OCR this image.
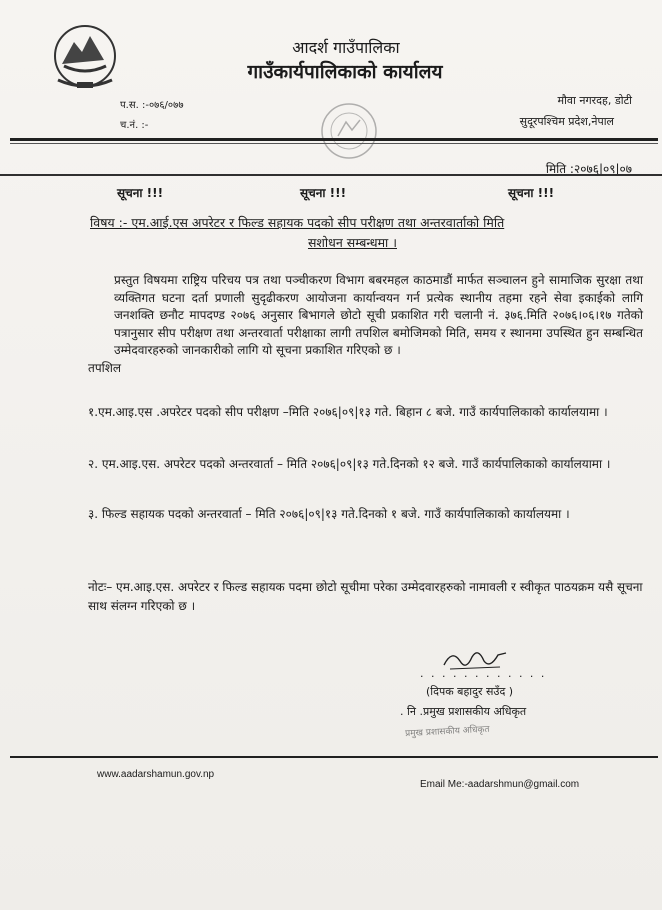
आदर्श गाउँपालिका
गाउँकार्यपालिकाको कार्यालय
प.स. :-०७६/०७७
च.नं. :-
मौवा नगरदह, डोटी
सुदूरपश्चिम प्रदेश,नेपाल
मिति :२०७६|०९|०७
सूचना !!!	सूचना !!!	सूचना !!!
विषय :- एम.आई.एस अपरेटर र फिल्ड सहायक पदको सीप परीक्षण तथा अन्तरवार्ताको मिति
सशोधन सम्बन्धमा ।
प्रस्तुत विषयमा राष्ट्रिय परिचय पत्र तथा पञ्चीकरण विभाग बबरमहल काठमाडौं मार्फत सञ्चालन हुने सामाजिक सुरक्षा तथा व्यक्तिगत घटना दर्ता प्रणाली सुदृढीकरण आयोजना कार्यान्वयन गर्न प्रत्येक स्थानीय तहमा रहने सेवा इकाईको लागि जनशक्ति छनौट मापदण्ड २०७६ अनुसार बिभागले छोटो सूची प्रकाशित गरी चलानी नं. ३७६.मिति २०७६।०६।१७ गतेको पत्रानुसार सीप परीक्षण तथा अन्तरवार्ता परीक्षाका लागी तपशिल बमोजिमको मिति, समय र स्थानमा उपस्थित हुन सम्बन्धित उम्मेदवारहरुको जानकारीको लागि यो सूचना प्रकाशित गरिएको छ ।
तपशिल
१.एम.आइ.एस .अपरेटर पदको सीप परीक्षण –मिति २०७६|०९|१३ गते. बिहान ८ बजे. गाउँ कार्यपालिकाको कार्यालयामा ।
२. एम.आइ.एस. अपरेटर पदको अन्तरवार्ता – मिति २०७६|०९|१३ गते.दिनको १२ बजे. गाउँ कार्यपालिकाको कार्यालयामा ।
३. फिल्ड सहायक पदको अन्तरवार्ता – मिति २०७६|०९|१३ गते.दिनको १ बजे. गाउँ कार्यपालिकाको कार्यालयमा ।
नोटः– एम.आइ.एस. अपरेटर र फिल्ड सहायक पदमा छोटो सूचीमा परेका उम्मेदवारहरुको नामावली र स्वीकृत पाठयक्रम यसै सूचना साथ संलग्न गरिएको छ ।
. . . . . . . . . . . .
(दिपक बहादुर सउँद )
. नि .प्रमुख प्रशासकीय अधिकृत
प्रमुख प्रशासकीय अधिकृत
www.aadarshamun.gov.np
Email Me:-aadarshmun@gmail.com
